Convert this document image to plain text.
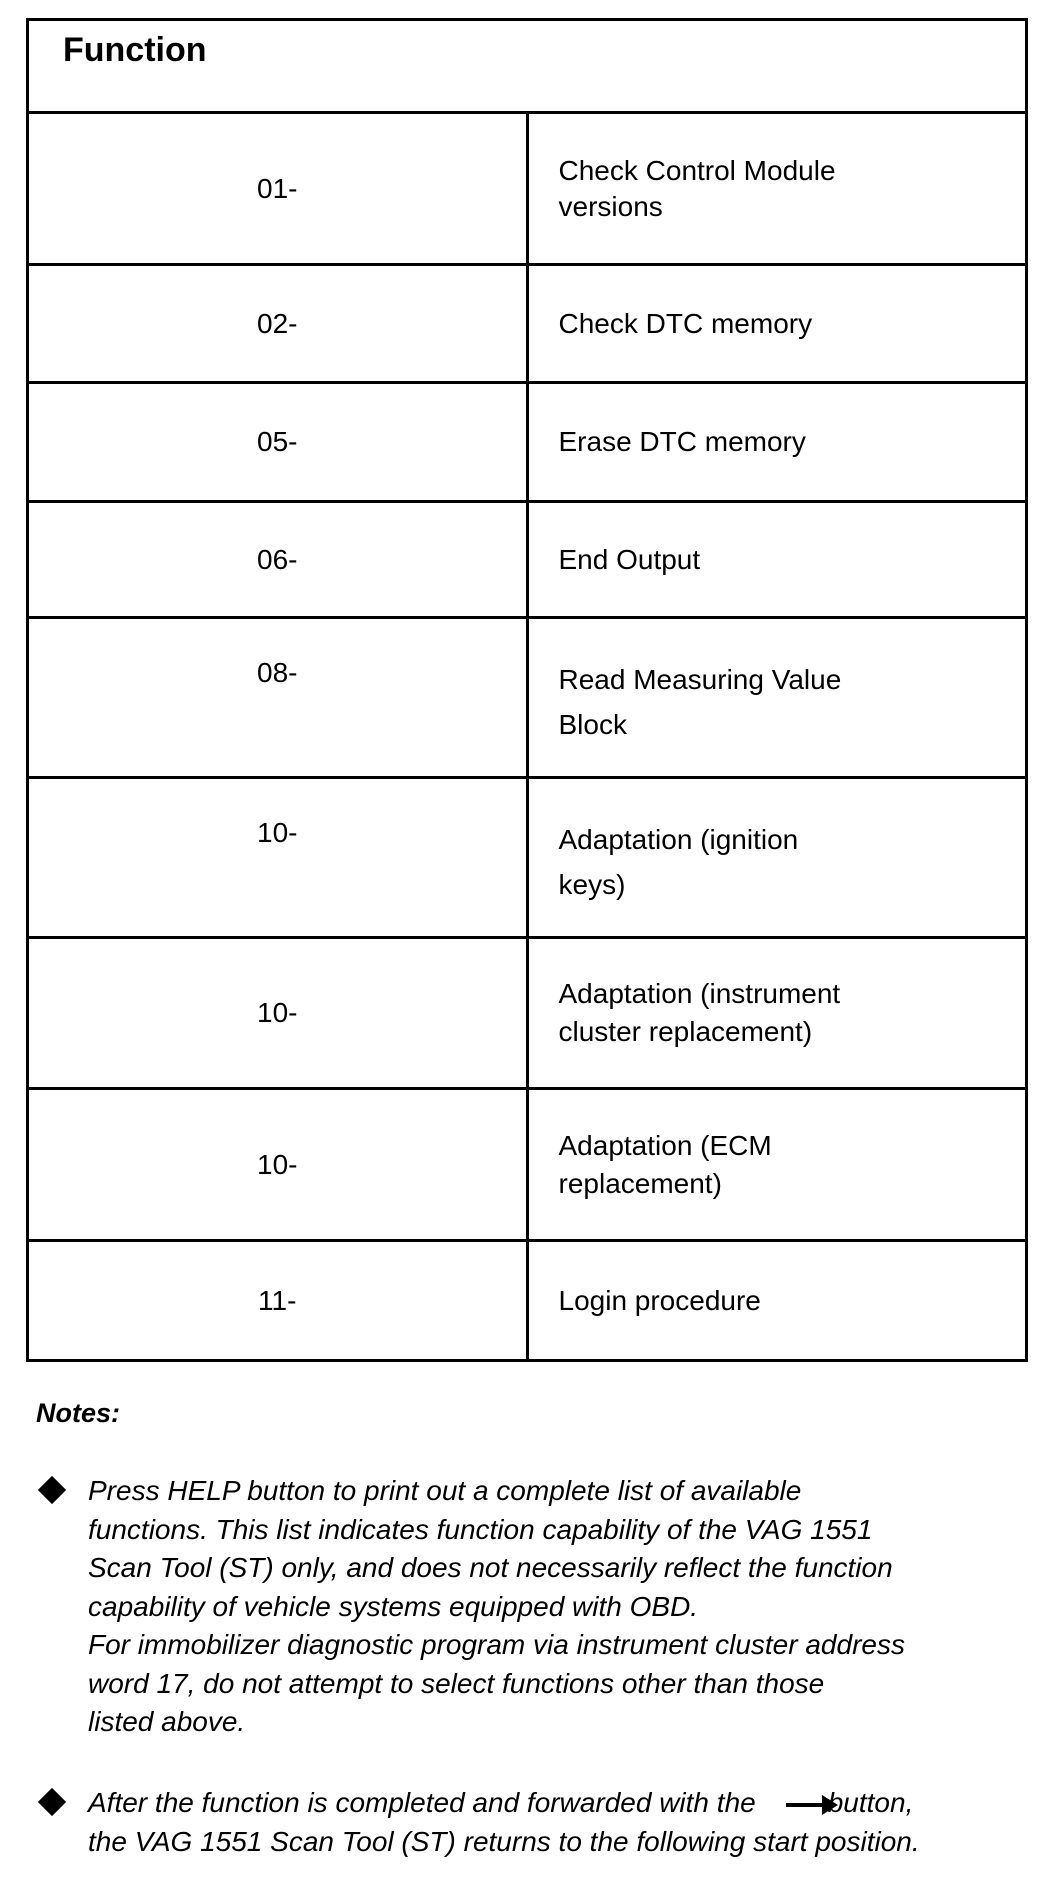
Function	
01-	Check Control Module
versions

02-	Check DTC memory

05-	Erase DTC memory

06-	End Output

08-	Read Measuring Value
Block

10-	Adaptation (ignition
keys)

10-	Adaptation (instrument
cluster replacement)

10-	Adaptation (ECM
replacement)

11-	Login procedure
Notes:
Press HELP button to print out a complete list of available
functions. This list indicates function capability of the VAG 1551
Scan Tool (ST) only, and does not necessarily reflect the function
capability of vehicle systems equipped with OBD.
For immobilizer diagnostic program via instrument cluster address
word 17, do not attempt to select functions other than those
listed above.
After the function is completed and forwarded with the	button,
the VAG 1551 Scan Tool (ST) returns to the following start position.
